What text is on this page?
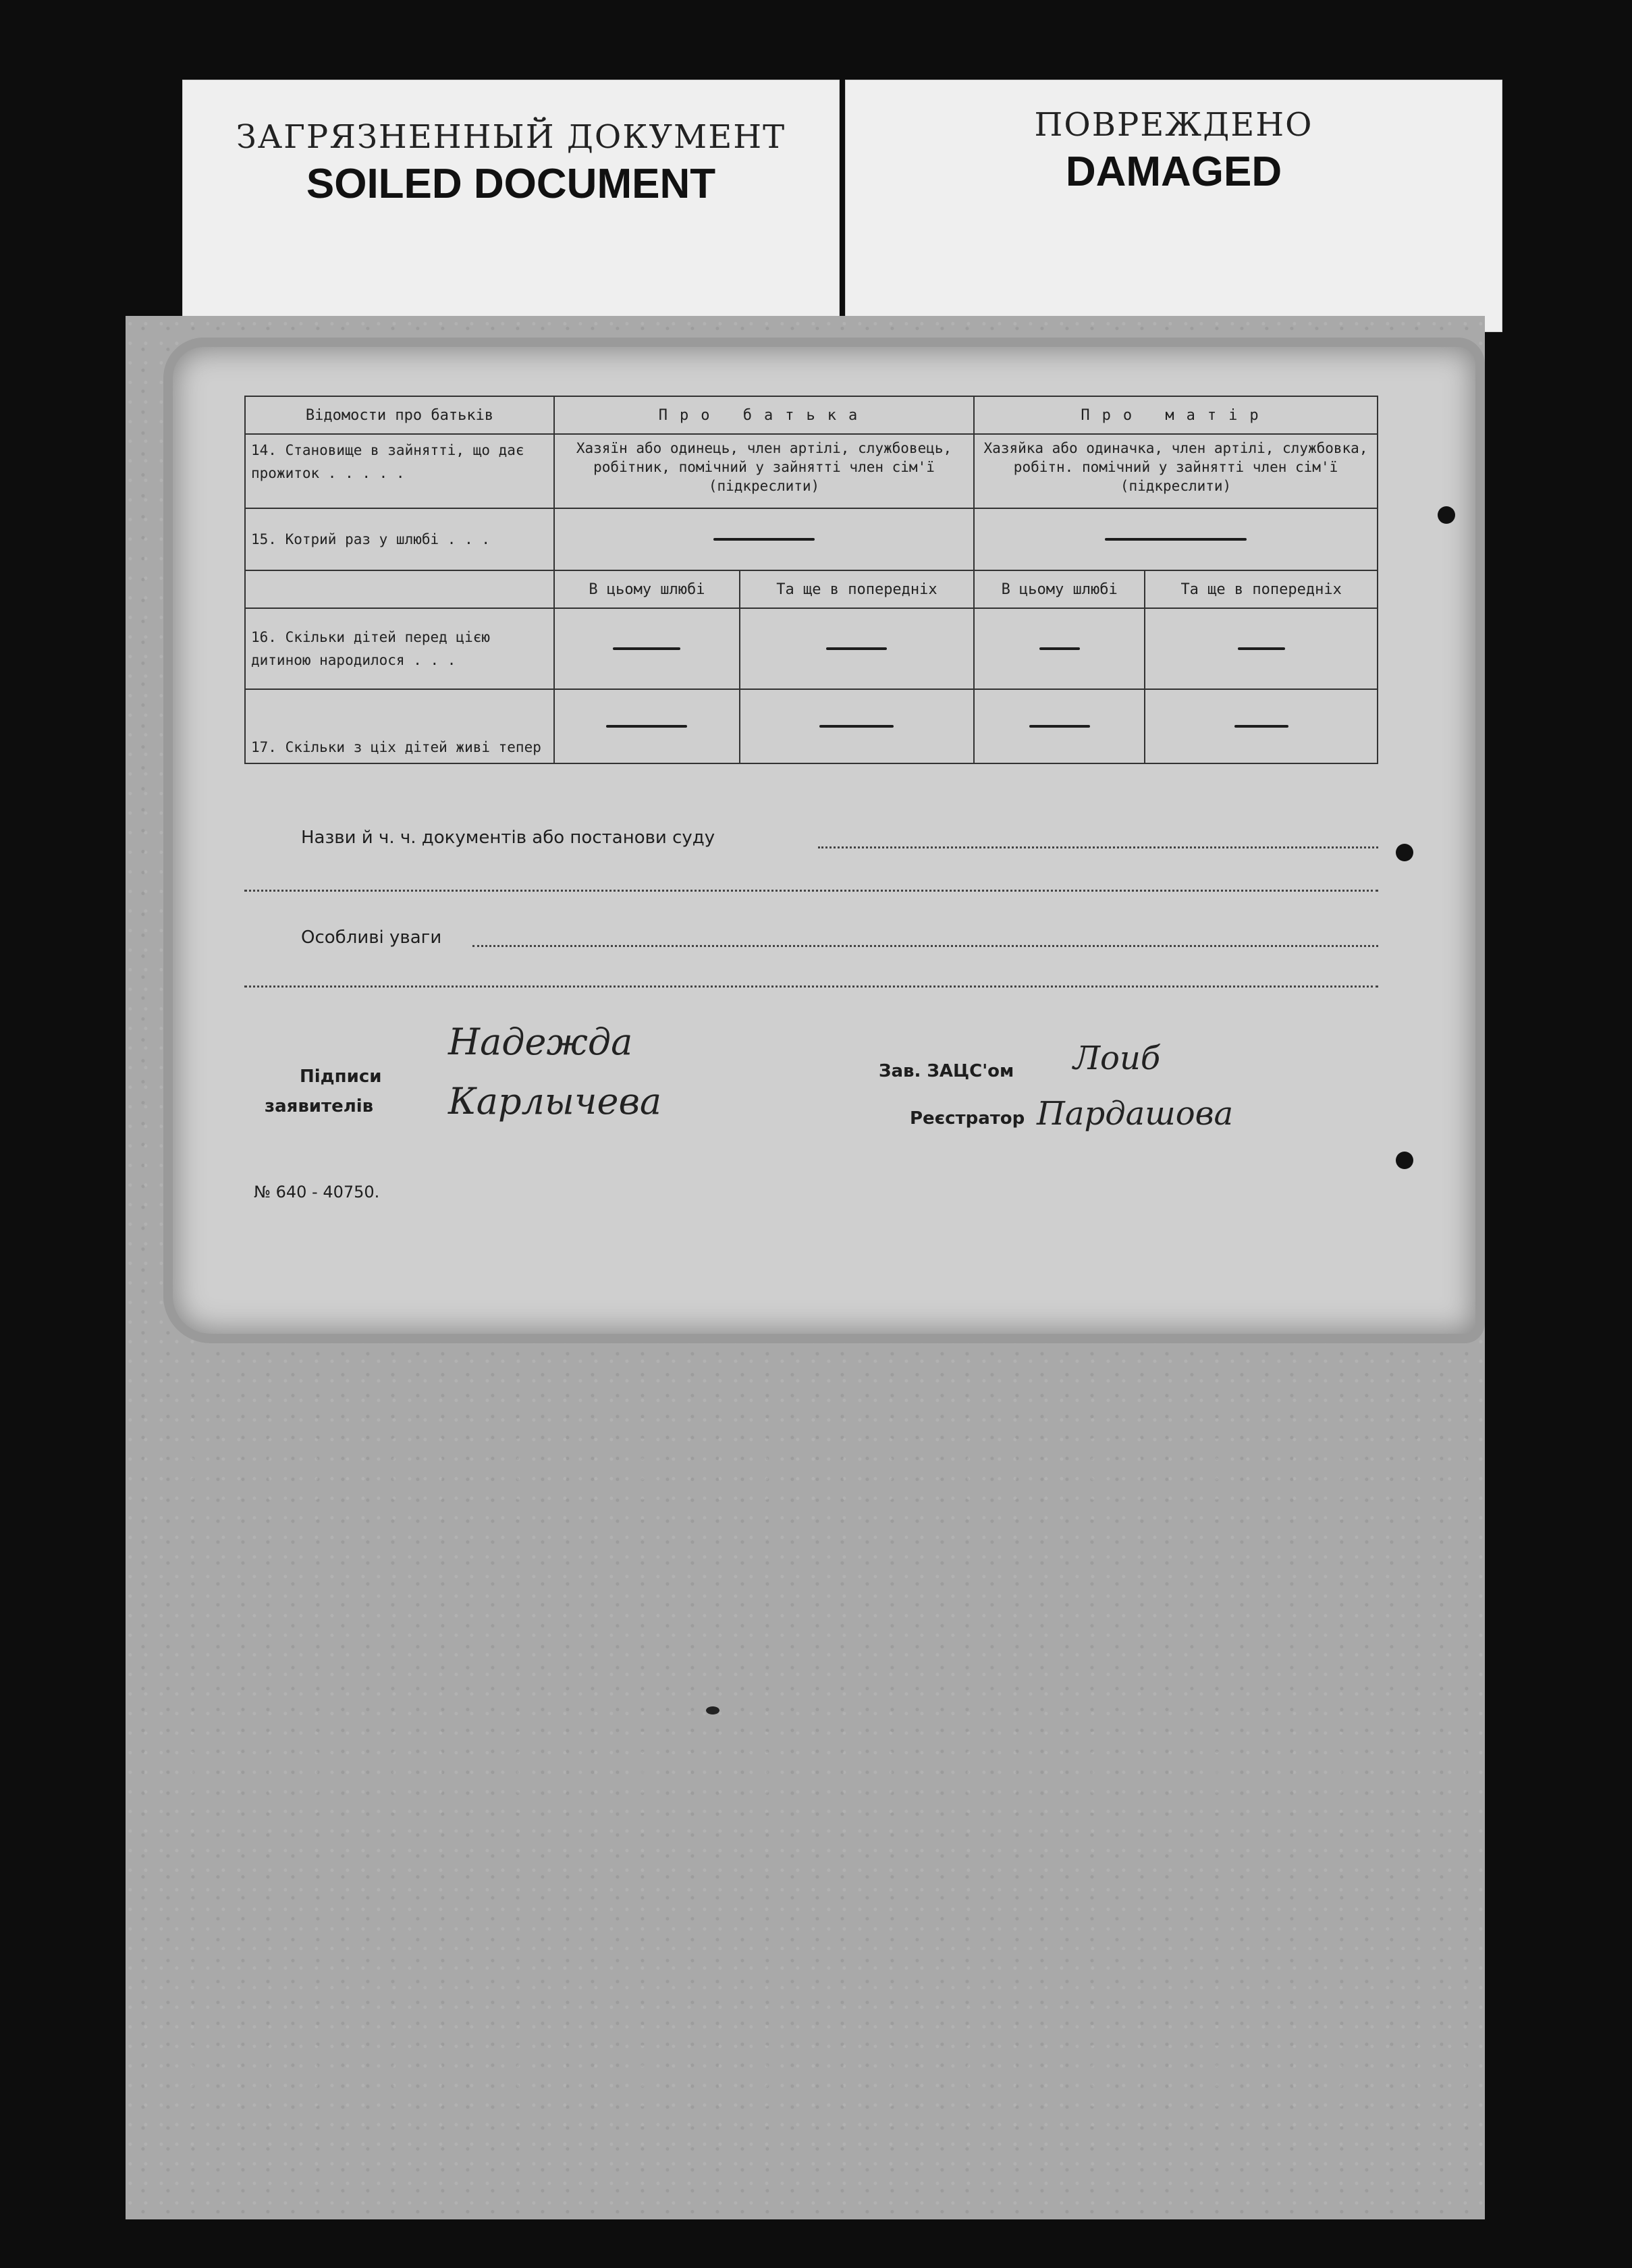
ЗАГРЯЗНЕННЫЙ ДОКУМЕНТ
SOILED DOCUMENT
ПОВРЕЖДЕНО
DAMAGED
Відомости про батьків	Про батька		Про матір	
14. Становище в зайнятті, що дає прожиток . . . . .	Хазяїн або одинець, член артілі, службовець, робітник, помічний у зайнятті член сім'ї (підкреслити)		Хазяйка або одиначка, член артілі, службовка, робітн. помічний у зайнятті член сім'ї (підкреслити)	
15. Котрий раз у шлюбі . . .			

	В цьому шлюбі	Та ще в попередніх	В цьому шлюбі	Та ще в попередніх
16. Скільки дітей перед цією дитиною народилося . . .	

17. Скільки з ціх дітей живі тепер	

Назви й ч. ч. документів або постанови суду
Особливі уваги
Підписи
заявителів
Надежда
Карлычева
Зав. ЗАЦС'ом Лоиб
Реєстратор Пардашова
№ 640 - 40750.
